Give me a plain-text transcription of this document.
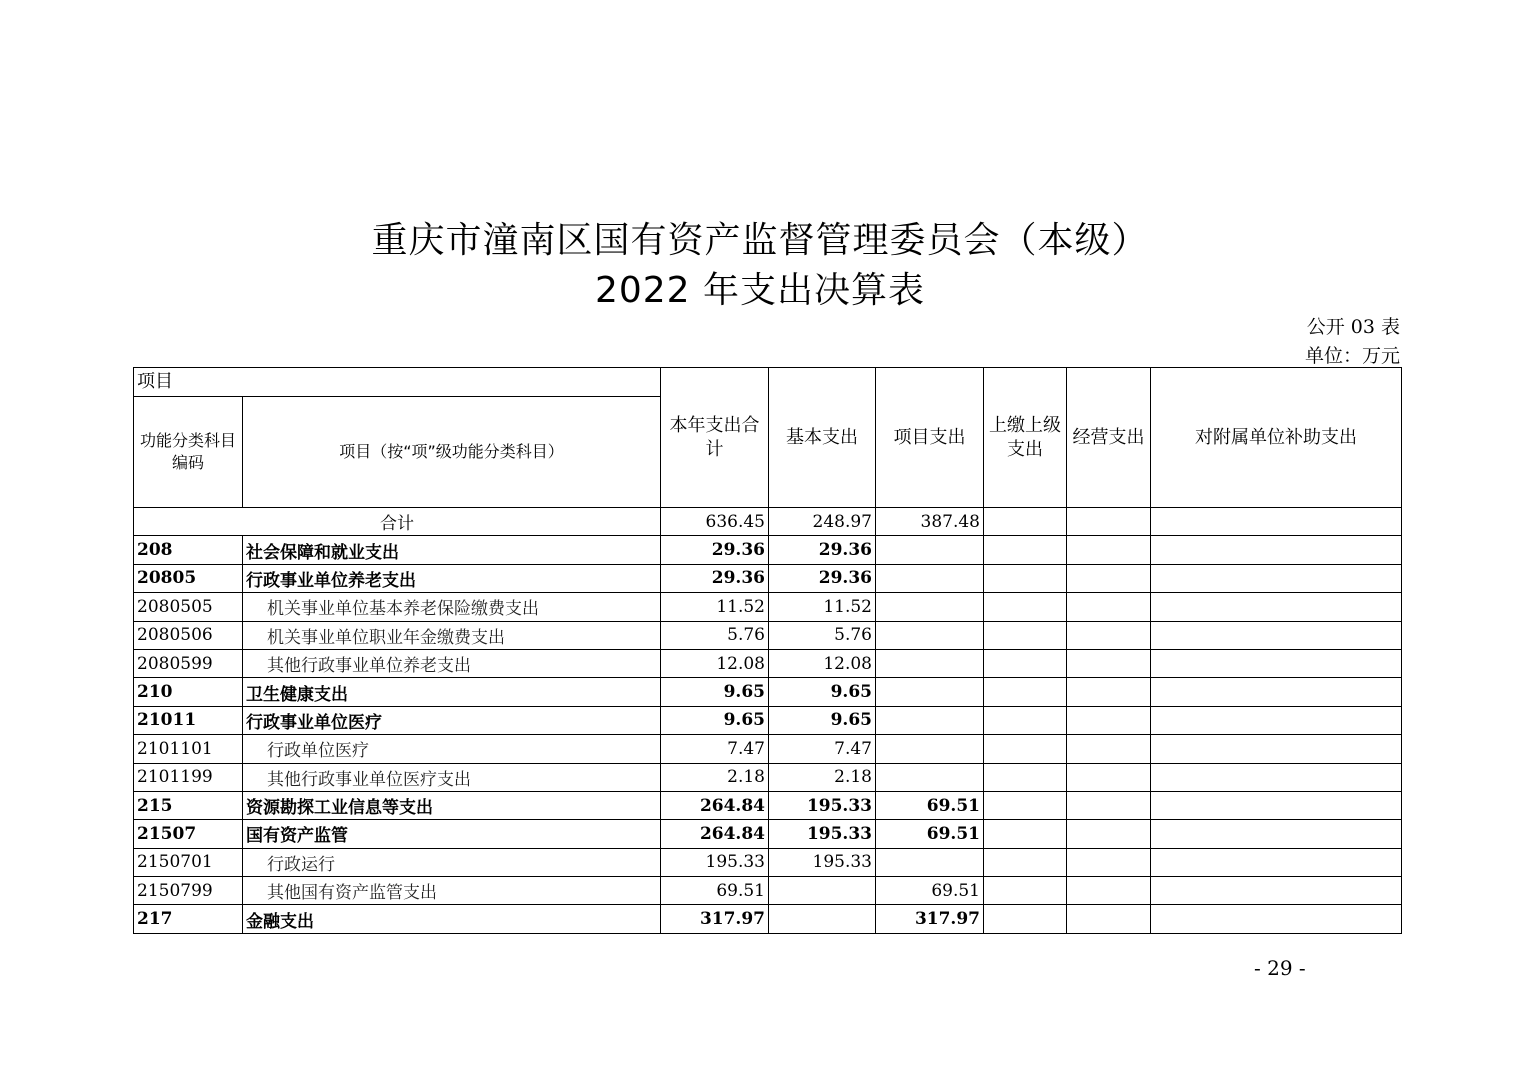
重庆市潼南区国有资产监督管理委员会（本级）
2022 年支出决算表
公开 03 表
单位：万元
项目		本年支出合计	基本支出	项目支出	上缴上级支出	经营支出	对附属单位补助支出
功能分类科目编码	项目（按“项”级功能分类科目）						
合计		636.45	248.97	387.48			
208	社会保障和就业支出	29.36	29.36				
20805	行政事业单位养老支出	29.36	29.36				
2080505	机关事业单位基本养老保险缴费支出	11.52	11.52				
2080506	机关事业单位职业年金缴费支出	5.76	5.76				
2080599	其他行政事业单位养老支出	12.08	12.08				
210	卫生健康支出	9.65	9.65				
21011	行政事业单位医疗	9.65	9.65				
2101101	行政单位医疗	7.47	7.47				
2101199	其他行政事业单位医疗支出	2.18	2.18				
215	资源勘探工业信息等支出	264.84	195.33	69.51			
21507	国有资产监管	264.84	195.33	69.51			
2150701	行政运行	195.33	195.33				
2150799	其他国有资产监管支出	69.51		69.51			
217	金融支出	317.97		317.97			
- 29 -
